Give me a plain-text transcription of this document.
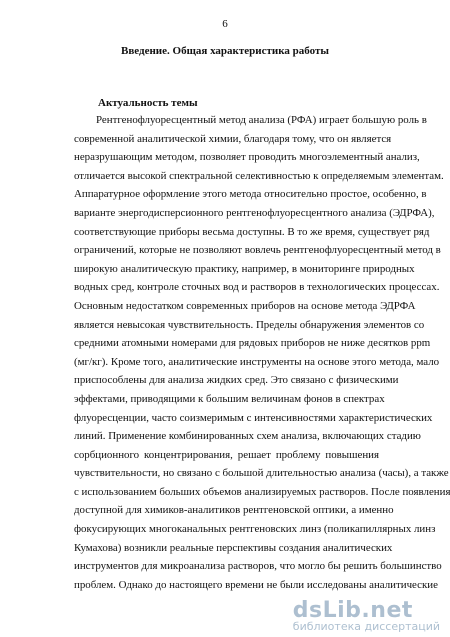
6
Введение. Общая характеристика работы
Актуальность темы
Рентгенофлуоресцентный метод анализа (РФА) играет большую роль в
современной аналитической химии, благодаря тому, что он является
неразрушающим методом, позволяет проводить многоэлементный анализ,
отличается высокой спектральной селективностью к определяемым элементам.
Аппаратурное оформление этого метода относительно простое, особенно, в
варианте энергодисперсионного рентгенофлуоресцентного анализа (ЭДРФА),
соответствующие приборы весьма доступны. В то же время, существует ряд
ограничений, которые не позволяют вовлечь рентгенофлуоресцентный метод в
широкую аналитическую практику, например, в мониторинге природных
водных сред, контроле сточных вод и растворов в технологических процессах.
Основным недостатком современных приборов на основе метода ЭДРФА
является невысокая чувствительность. Пределы обнаружения элементов со
средними атомными номерами для рядовых приборов не ниже десятков ppm
(мг/кг). Кроме того, аналитические инструменты на основе этого метода, мало
приспособлены для анализа жидких сред. Это связано с физическими
эффектами, приводящими к большим величинам фонов в спектрах
флуоресценции, часто соизмеримым с интенсивностями характеристических
линий. Применение комбинированных схем анализа, включающих стадию
сорбционного концентрирования, решает проблему повышения
чувствительности, но связано с большой длительностью анализа (часы), а также
с использованием больших объемов анализируемых растворов. После появления
доступной для химиков-аналитиков рентгеновской оптики, а именно
фокусирующих многоканальных рентгеновских линз (поликапиллярных линз
Кумахова) возникли реальные перспективы создания аналитических
инструментов для микроанализа растворов, что могло бы решить большинство
проблем. Однако до настоящего времени не были исследованы аналитические
dsLib.net
библиотека диссертаций
